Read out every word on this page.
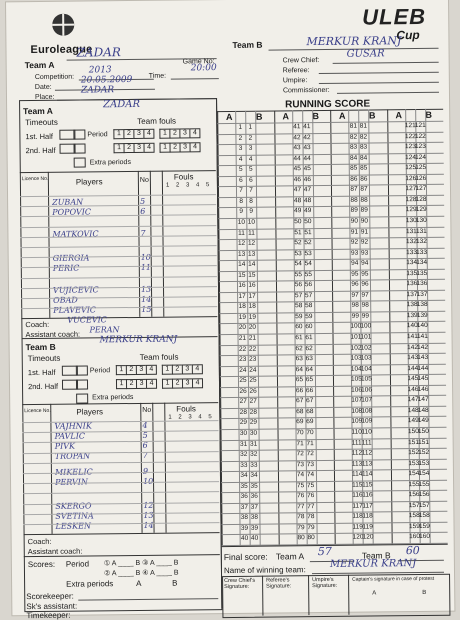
Euroleague
ULEB
Cup
Team A
ZADAR
Competition:
2013
Date:
20.05.2009 Time:
20:00
Place:
ZADAR
Game No:
Team B	MERKUR KRANJ
Crew Chief:
GUSAR
Referee:
Umpire:
Commissioner:
Team A
ZADAR
Timeouts	Team fouls
1st. Half	Period	1 2 3 4	1 2 3 4
2nd. Half	1 2 3 4	1 2 3 4
Extra periods
Licence No.	Players	No	Fouls
1 2 3 4 5
ZUBAN	5
POPOVIC	6
MATKOVIC	7
GIERGIA	10
PERIC	11
VUJICEVIC	13
OBAD	14
PLAVEVIC	15
Coach: VUCEVIC
Assistant coach: PERAN
Team B
MERKUR KRANJ
Timeouts	Team fouls
1st. Half	Period	1 2 3 4	1 2 3 4
2nd. Half	1 2 3 4	1 2 3 4
Extra periods
Licence No.	Players	No	Fouls
1 2 3 4 5
VAJHNIK	4
PAVLIC	5
PIVK	6
TROPAN	7
MIKELIC	9
PERVIN	10
SKERGO	12
SVETINA	13
LESKEN	14
Coach:
Assistant coach:
Scores: Period ① A ____ B ③ A ____ B
② A ____ B ④ A ____ B
Extra periods	A	B
Scorekeeper:
Sk's assistant:
Timekeeper:
RUNNING SCORE
A	B
1 1
2 2
3 3
4 4
5 5
6 6
7 7
8 8
9 9
10 10
11 11
12 12
13 13
14 14
15 15
16 16
17 17
18 18
19 19
20 20
21 21
22 22
23 23
24 24
25 25
26 26
27 27
28 28
29 29
30 30
31 31
32 32
33 33
34 34
35 35
36 36
37 37
38 38
39 39
40 40
A	B
41 41
42 42
43 43
44 44
45 45
46 46
47 47
48 48
49 49
50 50
51 51
52 52
53 53
54 54
55 55
56 56
57 57
58 58
59 59
60 60
61 61
62 62
63 63
64 64
65 65
66 66
67 67
68 68
69 69
70 70
71 71
72 72
73 73
74 74
75 75
76 76
77 77
78 78
79 79
80 80
A	B
81 81
82 82
83 83
84 84
85 85
86 86
87 87
88 88
89 89
90 90
91 91
92 92
93 93
94 94
95 95
96 96
97 97
98 98
99 99
100 100
101 101
102 102
103 103
104 104
105 105
106 106
107 107
108 108
109 109
110 110
111 111
112 112
113 113
114 114
115 115
116 116
117 117
118 118
119 119
120 120
A	B
121 121
122 122
123 123
124 124
125 125
126 126
127 127
128 128
129 129
130 130
131 131
132 132
133 133
134 134
135 135
136 136
137 137
138 138
139 139
140 140
141 141
142 142
143 143
144 144
145 145
146 146
147 147
148 148
149 149
150 150
151 151
152 152
153 153
154 154
155 155
156 156
157 157
158 158
159 159
160 160
Final score: Team A 57	Team B 60
Name of winning team:
MERKUR KRANJ
Crew Chief's Signature:
Referee's Signature:
Umpire's Signature:
Captain's signature in case of protest
A	B
